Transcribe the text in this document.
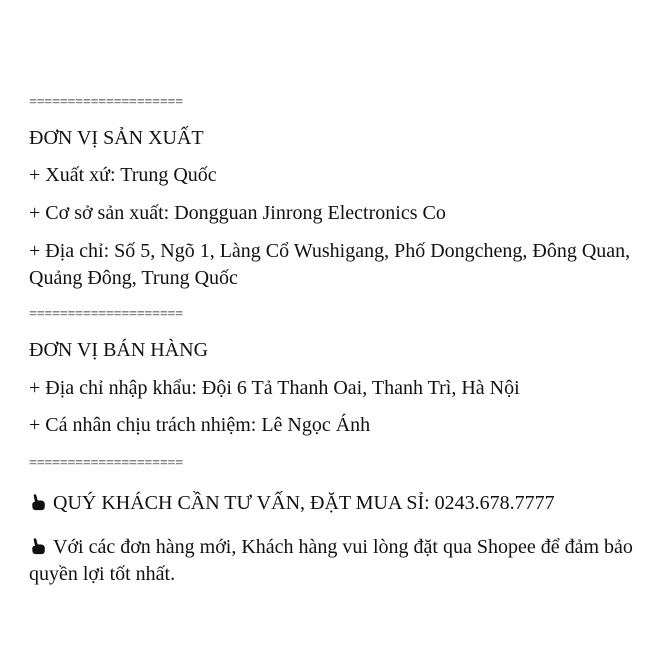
====================
ĐƠN VỊ SẢN XUẤT
+ Xuất xứ: Trung Quốc
+ Cơ sở sản xuất: Dongguan Jinrong Electronics Co
+ Địa chỉ: Số 5, Ngõ 1, Làng Cổ Wushigang, Phố Dongcheng, Đông Quan, Quảng Đông, Trung Quốc
====================
ĐƠN VỊ BÁN HÀNG
+ Địa chỉ nhập khẩu: Đội 6 Tả Thanh Oai, Thanh Trì, Hà Nội
+ Cá nhân chịu trách nhiệm: Lê Ngọc Ánh
====================
QUÝ KHÁCH CẦN TƯ VẤN, ĐẶT MUA SỈ: 0243.678.7777
Với các đơn hàng mới, Khách hàng vui lòng đặt qua Shopee để đảm bảo quyền lợi tốt nhất.
